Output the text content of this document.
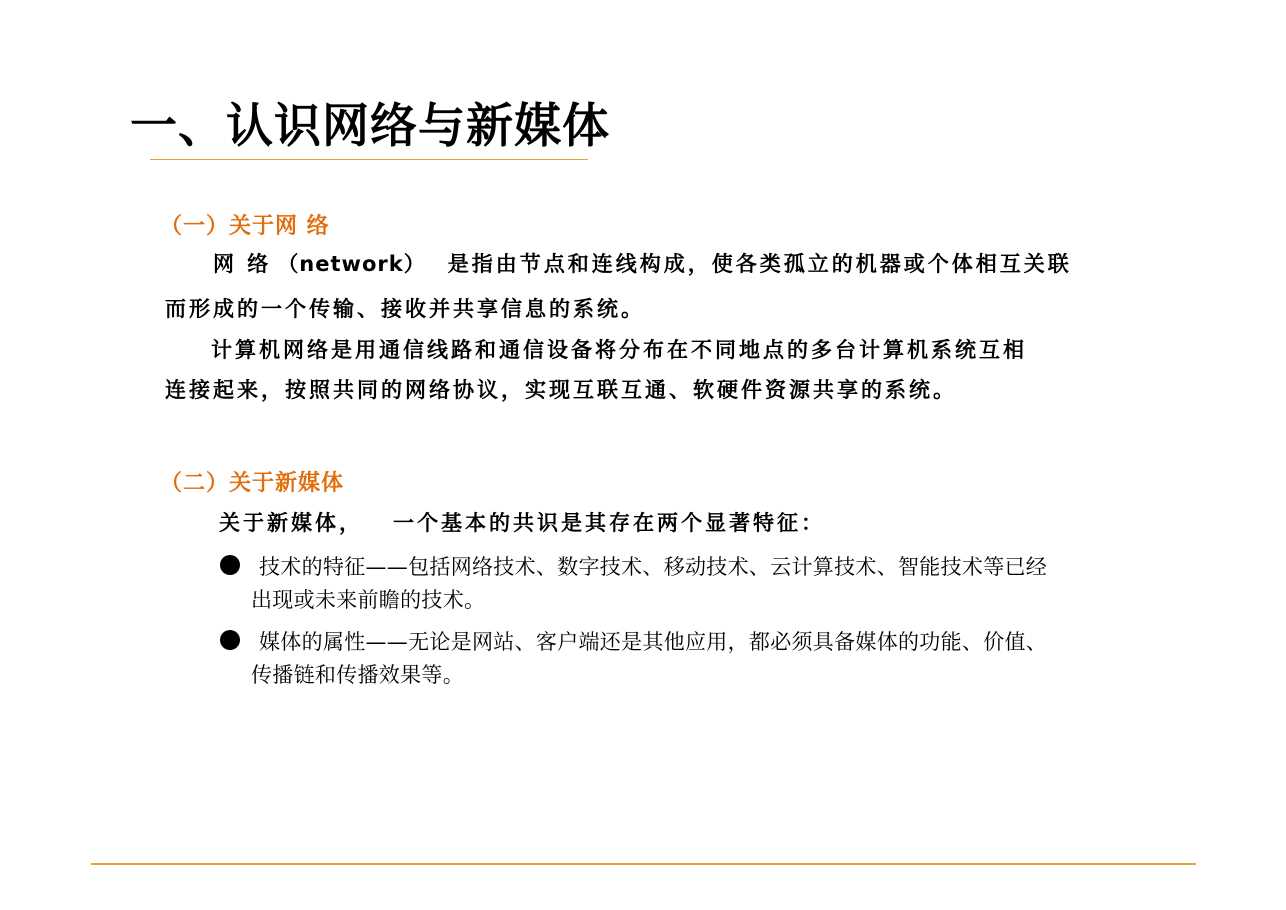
一、认识网络与新媒体
（一）关于网 络
网 络 （network） 是指由节点和连线构成，使各类孤立的机器或个体相互关联
而形成的一个传输、接收并共享信息的系统。
计算机网络是用通信线路和通信设备将分布在不同地点的多台计算机系统互相
连接起来，按照共同的网络协议，实现互联互通、软硬件资源共享的系统。
（二）关于新媒体
关于新媒体， 一个基本的共识是其存在两个显著特征：
技术的特征——包括网络技术、数字技术、移动技术、云计算技术、智能技术等已经
出现或未来前瞻的技术。
媒体的属性——无论是网站、客户端还是其他应用，都必须具备媒体的功能、价值、
传播链和传播效果等。
